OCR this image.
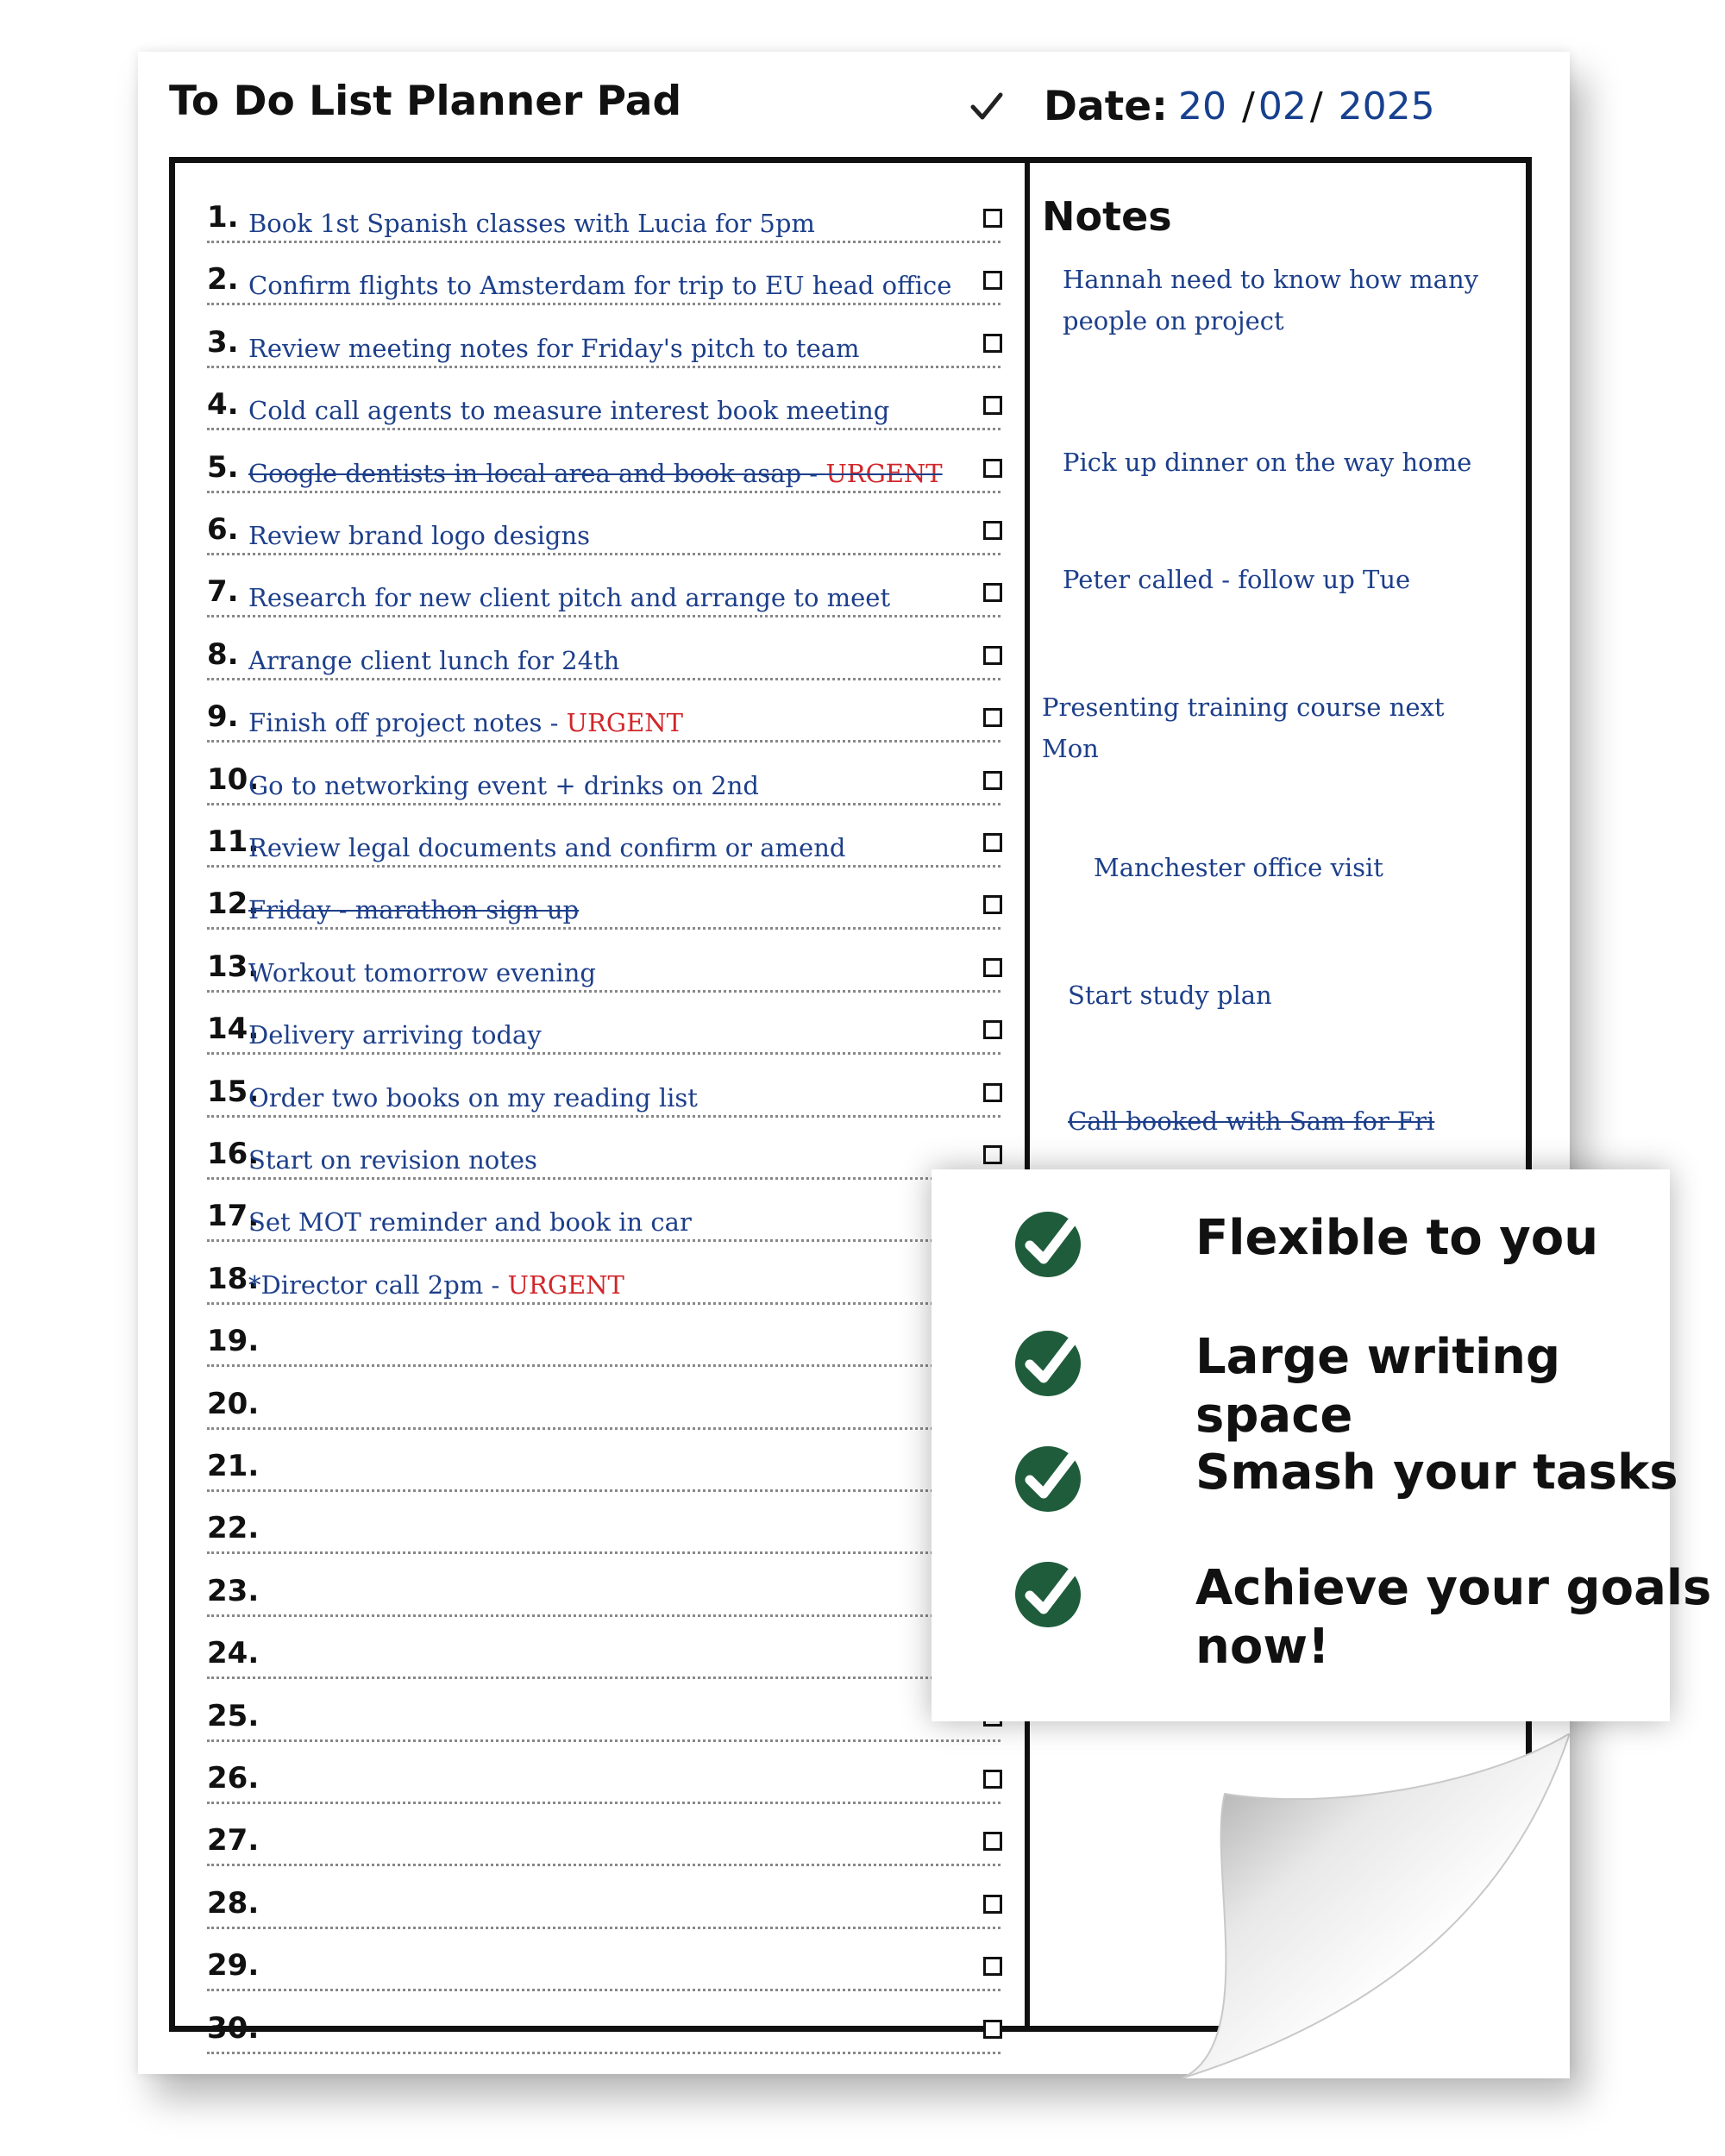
To Do List Planner Pad	Date: 20 /02/ 2025
1. Book 1st Spanish classes with Lucia for 5pm
2. Confirm flights to Amsterdam for trip to EU head office
3. Review meeting notes for Friday's pitch to team
4. Cold call agents to measure interest book meeting
5. Google dentists in local area and book asap - URGENT
6. Review brand logo designs
7. Research for new client pitch and arrange to meet
8. Arrange client lunch for 24th
9. Finish off project notes - URGENT
10.
Go to networking event + drinks on 2nd
11.
Review legal documents and confirm or amend
12.
Friday - marathon sign up
13.
Workout tomorrow evening
14.
Delivery arriving today
15.
Order two books on my reading list
16.
Start on revision notes
17.
Set MOT reminder and book in car
18.
*Director call 2pm - URGENT
19.
20.
21.
22.
23.
24.
25.
26.
27.
28.
29.
30.
Notes
Hannah need to know how many people on project
Pick up dinner on the way home
Peter called - follow up Tue
Presenting training course next Mon
Manchester office visit
Start study plan
Call booked with Sam for Fri
Flexible to you
Large writing space
Smash your tasks
Achieve your goals now!
